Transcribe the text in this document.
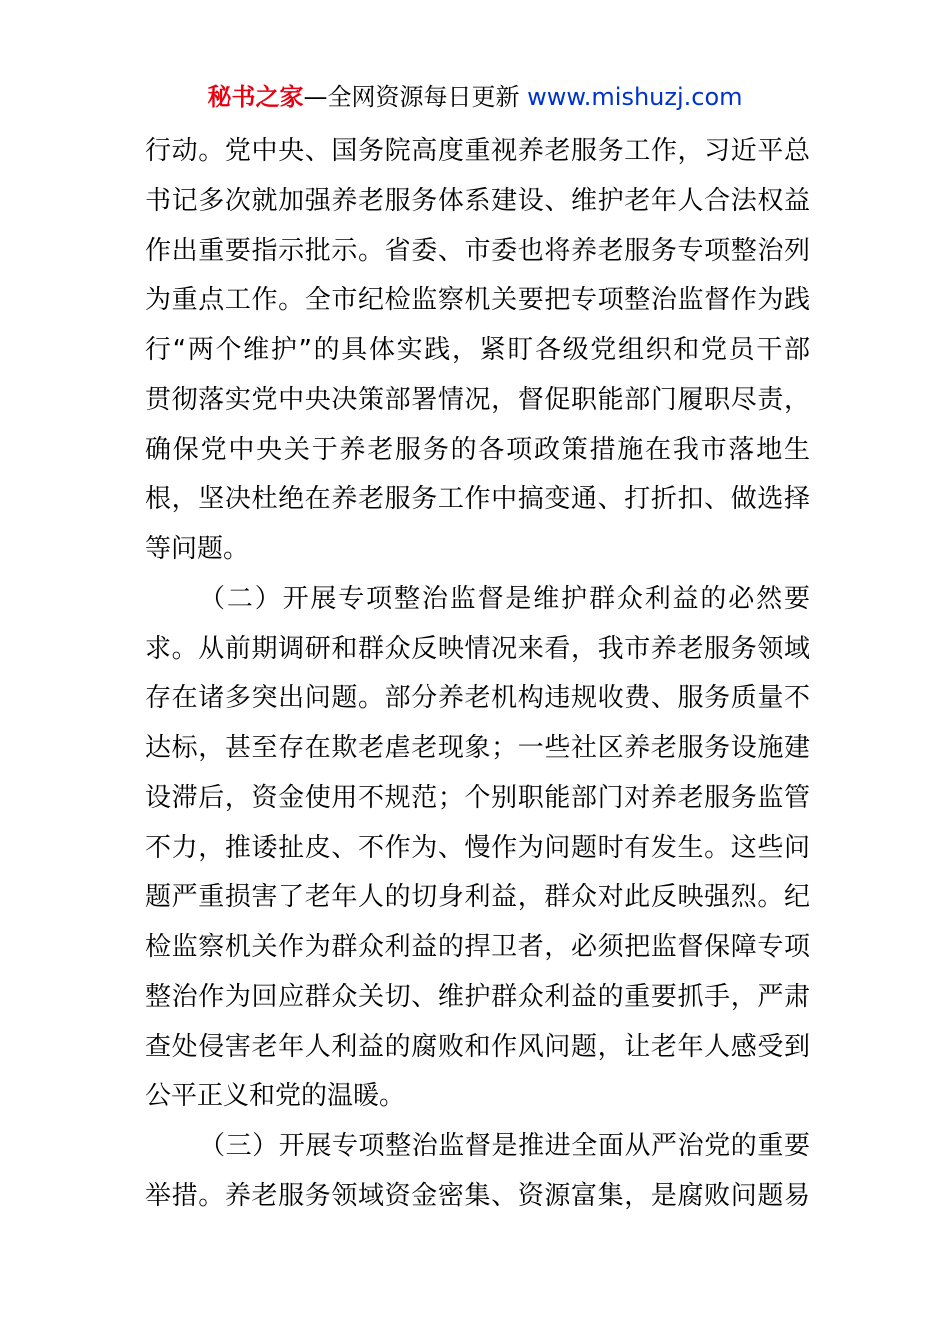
秘书之家—全网资源每日更新 www.mishuzj.com
行动。党中央、国务院高度重视养老服务工作，习近平总
书记多次就加强养老服务体系建设、维护老年人合法权益
作出重要指示批示。省委、市委也将养老服务专项整治列
为重点工作。全市纪检监察机关要把专项整治监督作为践
行“两个维护”的具体实践，紧盯各级党组织和党员干部
贯彻落实党中央决策部署情况，督促职能部门履职尽责，
确保党中央关于养老服务的各项政策措施在我市落地生
根，坚决杜绝在养老服务工作中搞变通、打折扣、做选择
等问题。
（二）开展专项整治监督是维护群众利益的必然要
求。从前期调研和群众反映情况来看，我市养老服务领域
存在诸多突出问题。部分养老机构违规收费、服务质量不
达标，甚至存在欺老虐老现象；一些社区养老服务设施建
设滞后，资金使用不规范；个别职能部门对养老服务监管
不力，推诿扯皮、不作为、慢作为问题时有发生。这些问
题严重损害了老年人的切身利益，群众对此反映强烈。纪
检监察机关作为群众利益的捍卫者，必须把监督保障专项
整治作为回应群众关切、维护群众利益的重要抓手，严肃
查处侵害老年人利益的腐败和作风问题，让老年人感受到
公平正义和党的温暖。
（三）开展专项整治监督是推进全面从严治党的重要
举措。养老服务领域资金密集、资源富集，是腐败问题易
